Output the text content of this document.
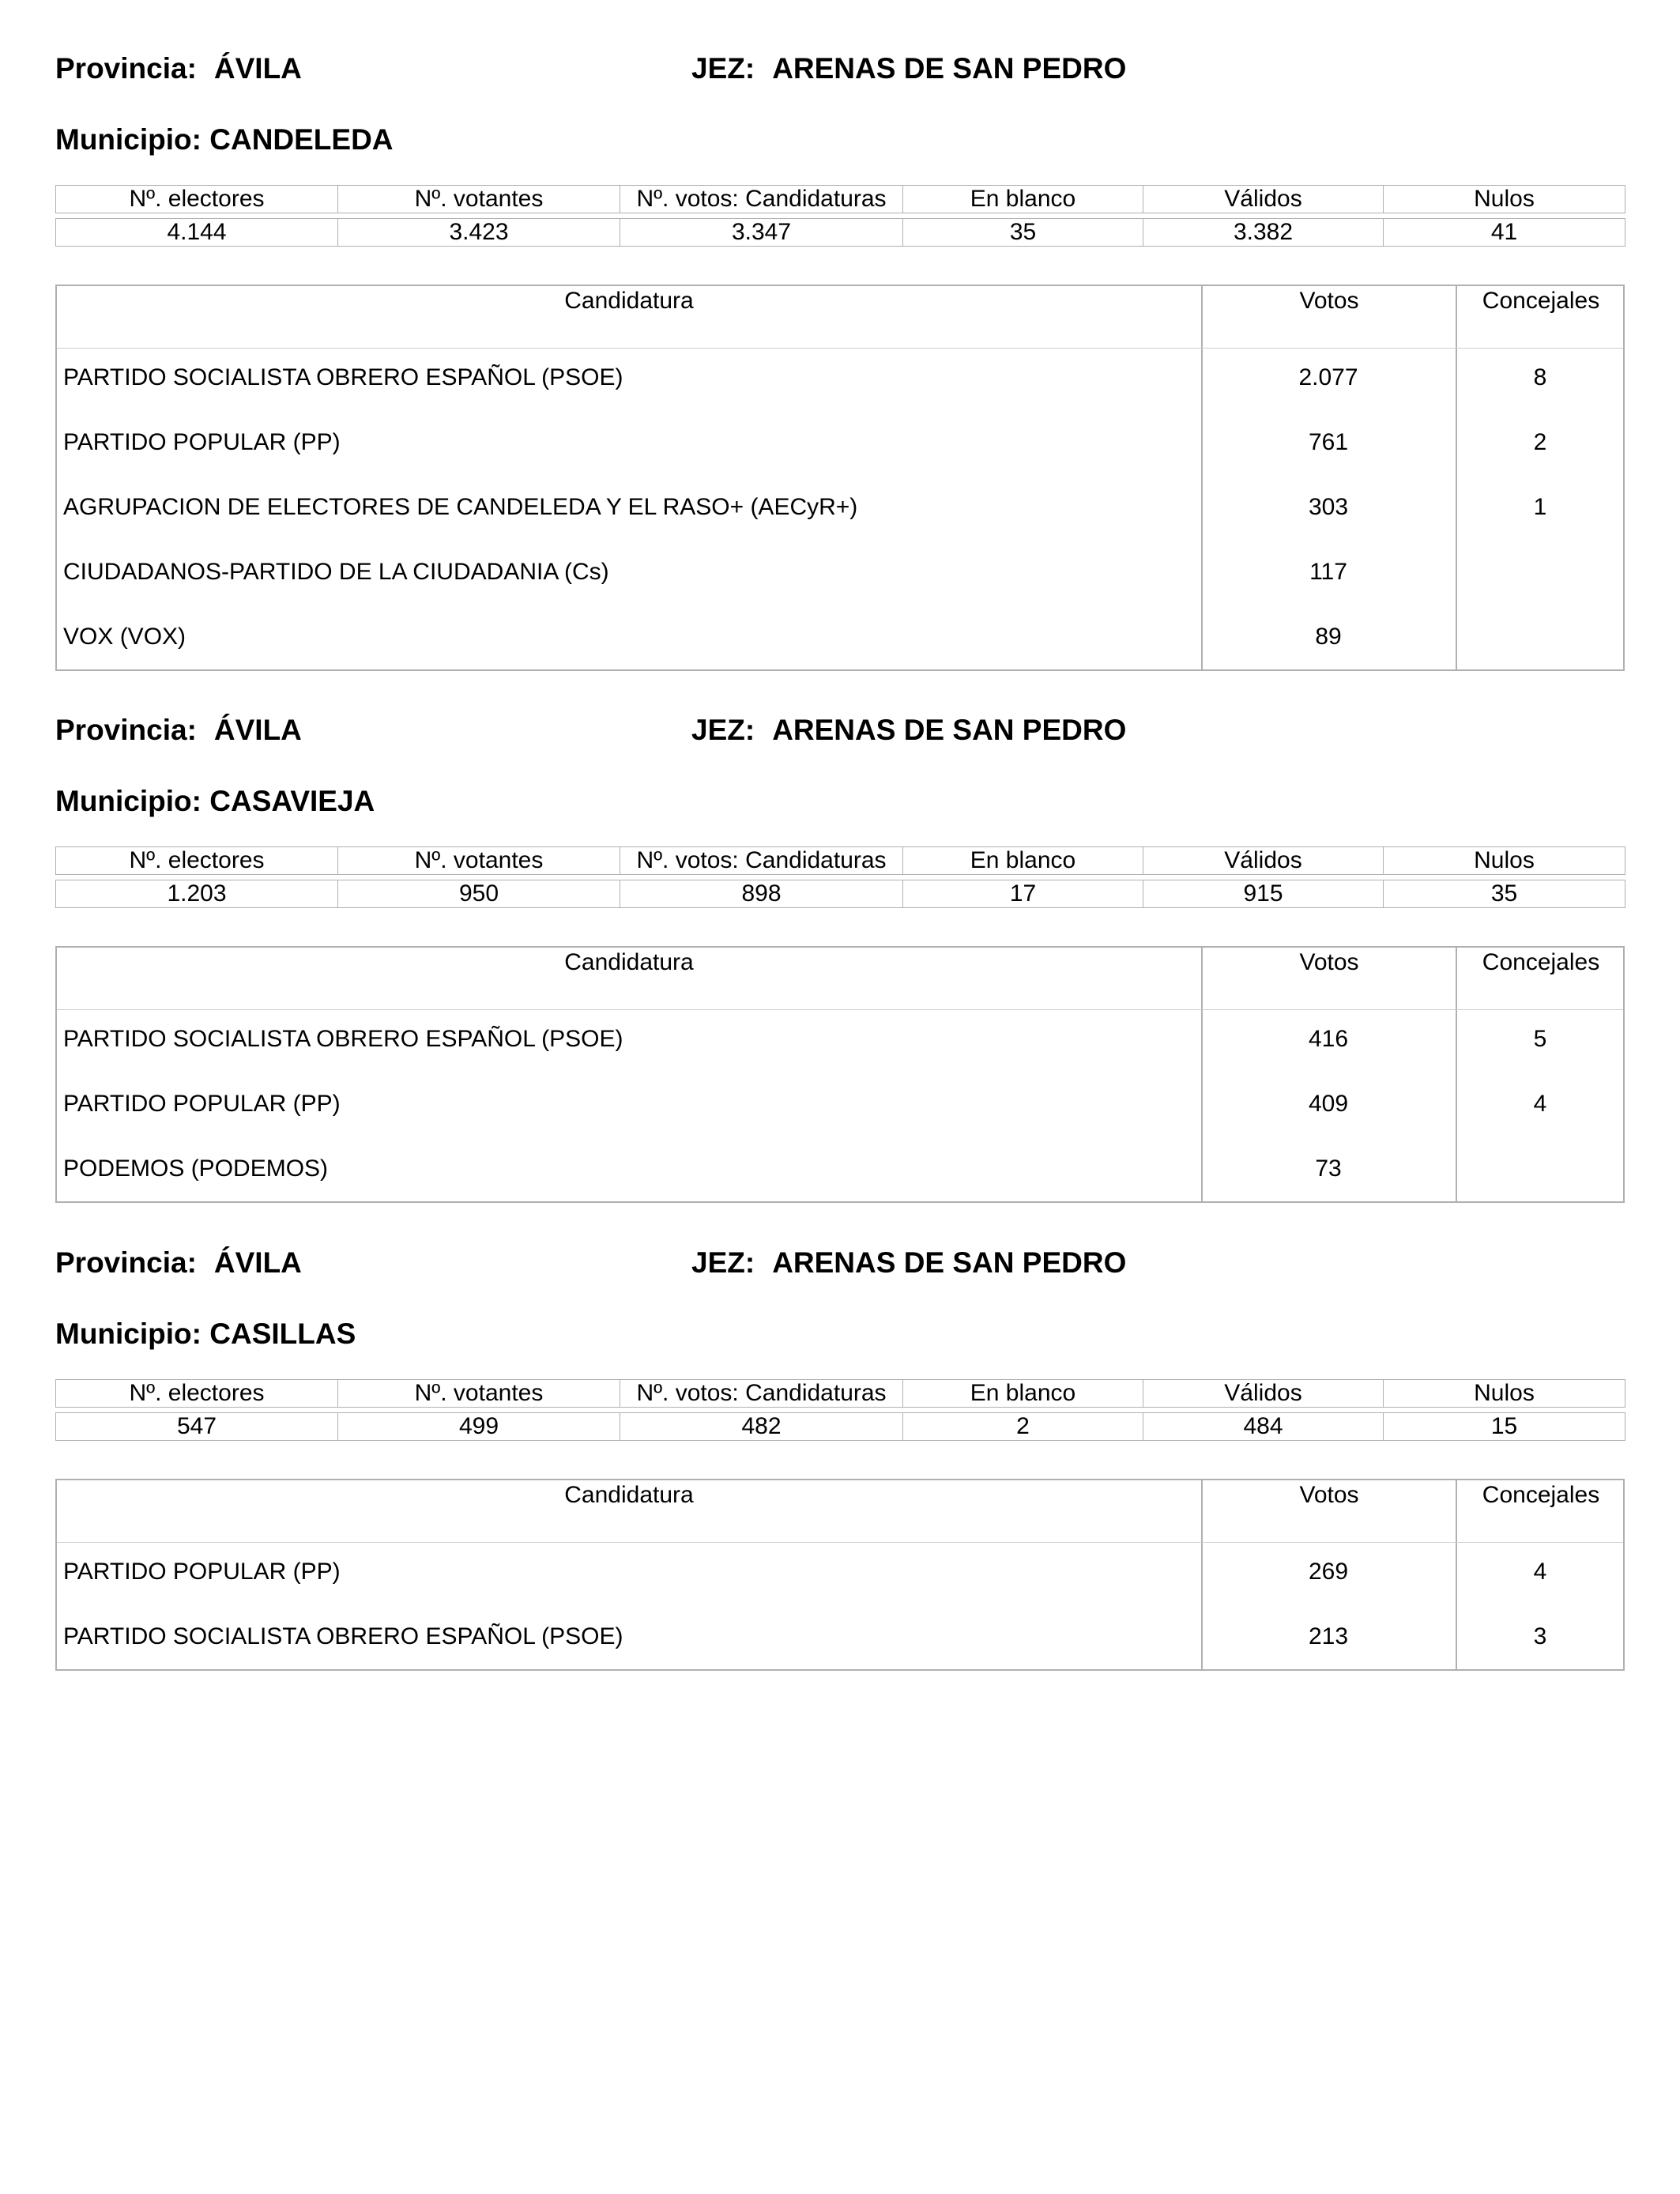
Provincia: ÁVILA	JEZ: ARENAS DE SAN PEDRO
Municipio: CANDELEDA
Nº. electores	Nº. votantes	Nº. votos: Candidaturas	En blanco	Válidos	Nulos

4.144	3.423	3.347	35	3.382	41
Candidatura	Votos	Concejales
PARTIDO SOCIALISTA OBRERO ESPAÑOL (PSOE)	2.077	8
PARTIDO POPULAR (PP)	761	2
AGRUPACION DE ELECTORES DE CANDELEDA Y EL RASO+ (AECyR+)	303	1
CIUDADANOS-PARTIDO DE LA CIUDADANIA (Cs)	117
VOX (VOX)	89
Provincia: ÁVILA	JEZ: ARENAS DE SAN PEDRO
Municipio: CASAVIEJA
Nº. electores	Nº. votantes	Nº. votos: Candidaturas	En blanco	Válidos	Nulos

1.203	950	898	17	915	35
Candidatura	Votos	Concejales
PARTIDO SOCIALISTA OBRERO ESPAÑOL (PSOE)	416	5
PARTIDO POPULAR (PP)	409	4
PODEMOS (PODEMOS)	73
Provincia: ÁVILA	JEZ: ARENAS DE SAN PEDRO
Municipio: CASILLAS
Nº. electores	Nº. votantes	Nº. votos: Candidaturas	En blanco	Válidos	Nulos

547	499	482	2	484	15
Candidatura	Votos	Concejales
PARTIDO POPULAR (PP)	269	4
PARTIDO SOCIALISTA OBRERO ESPAÑOL (PSOE)	213	3
